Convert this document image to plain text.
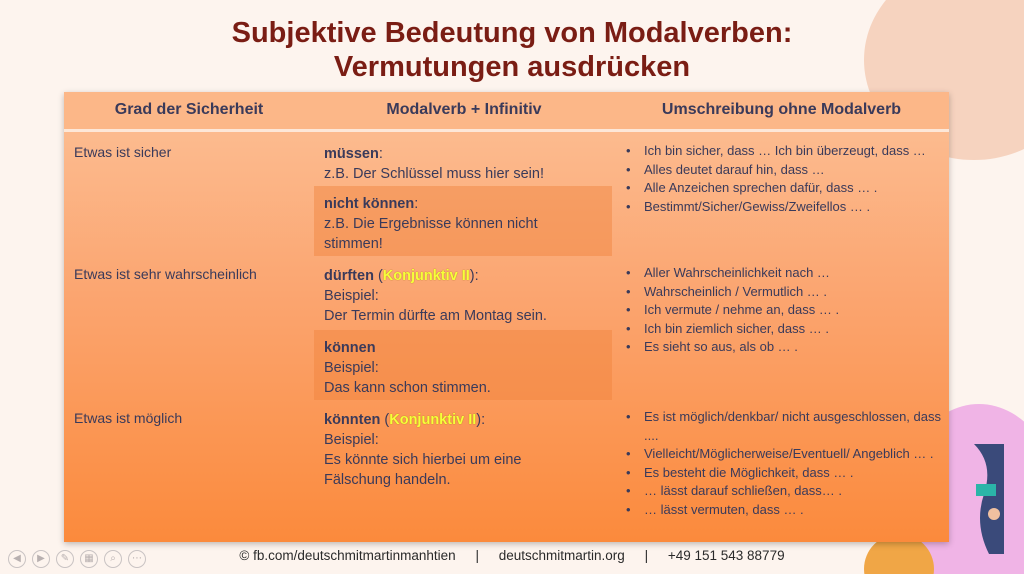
Subjektive Bedeutung von Modalverben:
Vermutungen ausdrücken
Grad der Sicherheit	Modalverb + Infinitiv	Umschreibung ohne Modalverb
Etwas ist sicher	müssen:
z.B. Der Schlüssel muss hier sein!
nicht können:
z.B. Die Ergebnisse können nicht
stimmen!
• Ich bin sicher, dass … Ich bin überzeugt, dass …
• Alles deutet darauf hin, dass …
• Alle Anzeichen sprechen dafür, dass … .
• Bestimmt/Sicher/Gewiss/Zweifellos … .
Etwas ist sehr wahrscheinlich	dürften (Konjunktiv II):
Beispiel:
Der Termin dürfte am Montag sein.
können
Beispiel:
Das kann schon stimmen.
• Aller Wahrscheinlichkeit nach …
• Wahrscheinlich / Vermutlich … .
• Ich vermute / nehme an, dass … .
• Ich bin ziemlich sicher, dass … .
• Es sieht so aus, als ob … .
Etwas ist möglich	könnten (Konjunktiv II):
Beispiel:
Es könnte sich hierbei um eine
Fälschung handeln.
• Es ist möglich/denkbar/ nicht ausgeschlossen, dass ....
• Vielleicht/Möglicherweise/Eventuell/ Angeblich … .
• Es besteht die Möglichkeit, dass … .
• … lässt darauf schließen, dass… .
• … lässt vermuten, dass … .
◀ ▶ ✎ ▦ ⌕ ⋯	© fb.com/deutschmitmartinmanhtien | deutschmitmartin.org | +49 151 543 88779
